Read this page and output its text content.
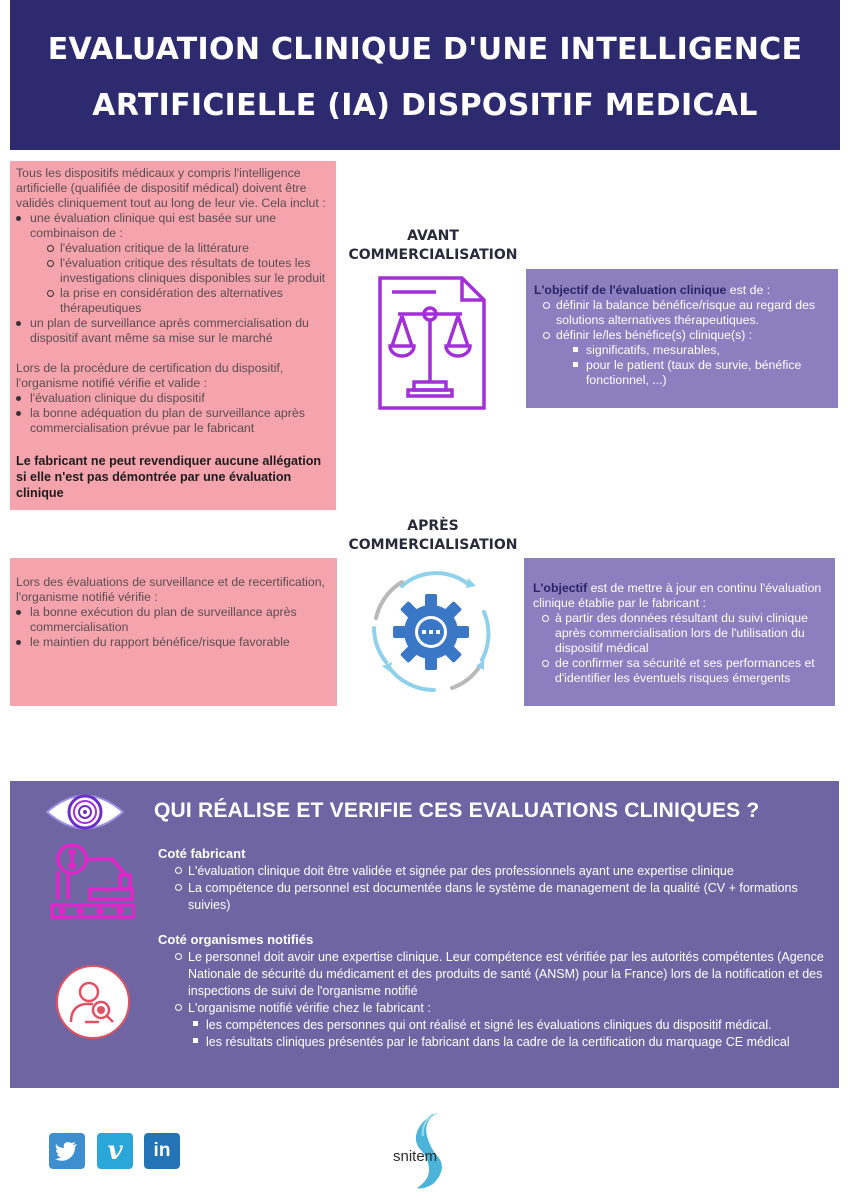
EVALUATION CLINIQUE D'UNE INTELLIGENCE
ARTIFICIELLE (IA) DISPOSITIF MEDICAL

Tous les dispositifs médicaux y compris l'intelligence artificielle (qualifiée de dispositif médical) doivent être validés cliniquement tout au long de leur vie. Cela inclut :

une évaluation clinique qui est basée sur une combinaison de :
l'évaluation critique de la littérature
l'évaluation critique des résultats de toutes les investigations cliniques disponibles sur le produit
la prise en considération des alternatives thérapeutiques
un plan de surveillance après commercialisation du dispositif avant même sa mise sur le marché

Lors de la procédure de certification du dispositif, l'organisme notifié vérifie et valide :

l'évaluation clinique du dispositif
la bonne adéquation du plan de surveillance après commercialisation prévue par le fabricant

Le fabricant ne peut revendiquer aucune allégation si elle n'est pas démontrée par une évaluation clinique

AVANT
COMMERCIALISATION

L'objectif de l'évaluation clinique est de :

définir la balance bénéfice/risque au regard des solutions alternatives thérapeutiques.
définir le/les bénéfice(s) clinique(s) :
significatifs, mesurables,
pour le patient (taux de survie, bénéfice fonctionnel, ...)
APRÈS
COMMERCIALISATION

Lors des évaluations de surveillance et de recertification, l'organisme notifié vérifie :

la bonne exécution du plan de surveillance après commercialisation
le maintien du rapport bénéfice/risque favorable

L'objectif est de mettre à jour en continu l'évaluation clinique établie par le fabricant :

à partir des données résultant du suivi clinique après commercialisation lors de l'utilisation du dispositif médical
de confirmer sa sécurité et ses performances et d'identifier les éventuels risques émergents
QUI RÉALISE ET VERIFIE CES EVALUATIONS CLINIQUES ?
Coté fabricant
L'évaluation clinique doit être validée et signée par des professionnels ayant une expertise clinique
La compétence du personnel est documentée dans le système de management de la qualité (CV + formations suivies)
Coté organismes notifiés
Le personnel doit avoir une expertise clinique. Leur compétence est vérifiée par les autorités compétentes (Agence Nationale de sécurité du médicament et des produits de santé (ANSM) pour la France) lors de la notification et des inspections de suivi de l'organisme notifié
L'organisme notifié vérifie chez le fabricant :
les compétences des personnes qui ont réalisé et signé les évaluations cliniques du dispositif médical.
les résultats cliniques présentés par le fabricant dans la cadre de la certification du marquage CE médical
v	in	snitem
